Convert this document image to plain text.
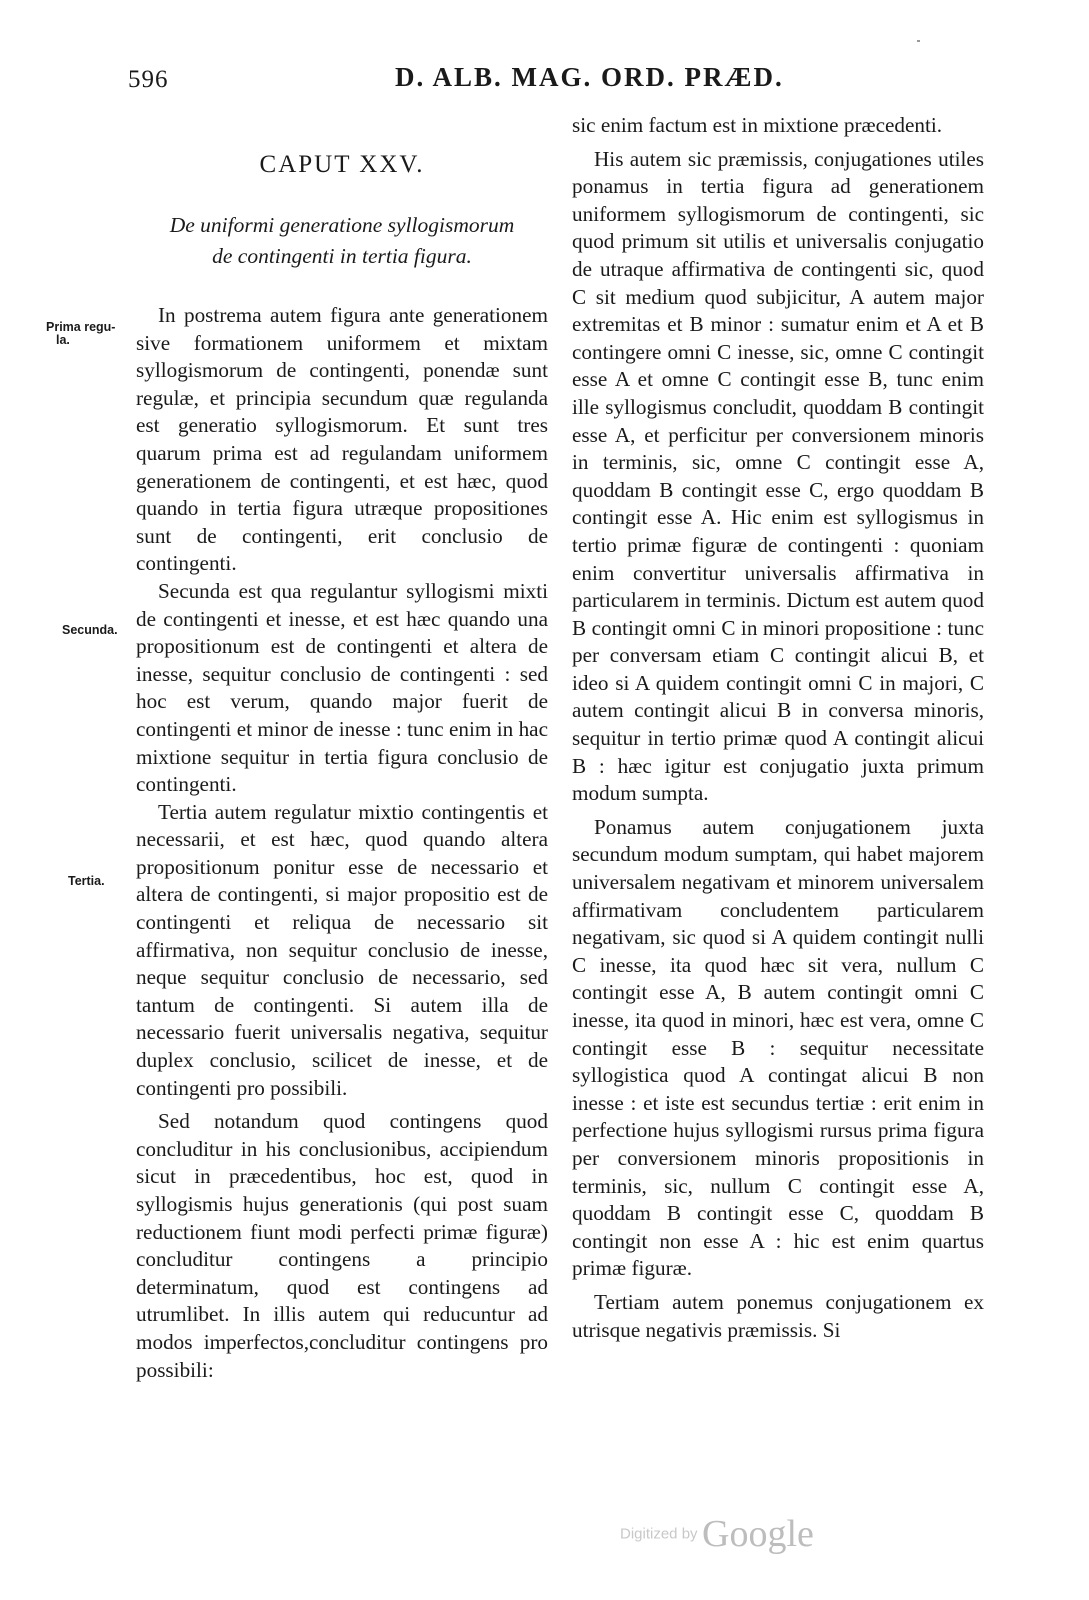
596	D. ALB. MAG. ORD. PRÆD.
Prima regu-
la.
Secunda.
Tertia.
CAPUT XXV.
De uniformi generatione syllogismorum
de contingenti in tertia figura.

In postrema autem figura ante generationem sive formationem uniformem et mixtam syllogismorum de contingenti, ponendæ sunt regulæ, et principia secundum quæ regulanda est generatio syllogismorum. Et sunt tres quarum prima est ad regulandam uniformem generationem de contingenti, et est hæc, quod quando in tertia figura utræque propositiones sunt de contingenti, erit conclusio de contingenti.

Secunda est qua regulantur syllogismi mixti de contingenti et inesse, et est hæc quando una propositionum est de contingenti et altera de inesse, sequitur conclusio de contingenti : sed hoc est verum, quando major fuerit de contingenti et minor de inesse : tunc enim in hac mixtione sequitur in tertia figura conclusio de contingenti.

Tertia autem regulatur mixtio contingentis et necessarii, et est hæc, quod quando altera propositionum ponitur esse de necessario et altera de contingenti, si major propositio est de contingenti et reliqua de necessario sit affirmativa, non sequitur conclusio de inesse, neque sequitur conclusio de necessario, sed tantum de contingenti. Si autem illa de necessario fuerit universalis negativa, sequitur duplex conclusio, scilicet de inesse, et de contingenti pro possibili.

Sed notandum quod contingens quod concluditur in his conclusionibus, accipiendum sicut in præcedentibus, hoc est, quod in syllogismis hujus generationis (qui post suam reductionem fiunt modi perfecti primæ figuræ) concluditur contingens a principio determinatum, quod est contingens ad utrumlibet. In illis autem qui reducuntur ad modos imperfectos,concluditur contingens pro possibili:

sic enim factum est in mixtione præcedenti.

His autem sic præmissis, conjugationes utiles ponamus in tertia figura ad generationem uniformem syllogismorum de contingenti, sic quod primum sit utilis et universalis conjugatio de utraque affirmativa de contingenti sic, quod C sit medium quod subjicitur, A autem major extremitas et B minor : sumatur enim et A et B contingere omni C inesse, sic, omne C contingit esse A et omne C contingit esse B, tunc enim ille syllogismus concludit, quoddam B contingit esse A, et perficitur per conversionem minoris in terminis, sic, omne C contingit esse A, quoddam B contingit esse C, ergo quoddam B contingit esse A. Hic enim est syllogismus in tertio primæ figuræ de contingenti : quoniam enim convertitur universalis affirmativa in particularem in terminis. Dictum est autem quod B contingit omni C in minori propositione : tunc per conversam etiam C contingit alicui B, et ideo si A quidem contingit omni C in majori, C autem contingit alicui B in conversa minoris, sequitur in tertio primæ quod A contingit alicui B : hæc igitur est conjugatio juxta primum modum sumpta.

Ponamus autem conjugationem juxta secundum modum sumptam, qui habet majorem universalem negativam et minorem universalem affirmativam concludentem particularem negativam, sic quod si A quidem contingit nulli C inesse, ita quod hæc sit vera, nullum C contingit esse A, B autem contingit omni C inesse, ita quod in minori, hæc est vera, omne C contingit esse B : sequitur necessitate syllogistica quod A contingat alicui B non inesse : et iste est secundus tertiæ : erit enim in perfectione hujus syllogismi rursus prima figura per conversionem minoris propositionis in terminis, sic, nullum C contingit esse A, quoddam B contingit esse C, quoddam B contingit non esse A : hic est enim quartus primæ figuræ.

Tertiam autem ponemus conjugationem ex utrisque negativis præmissis. Si

Digitized by Google
